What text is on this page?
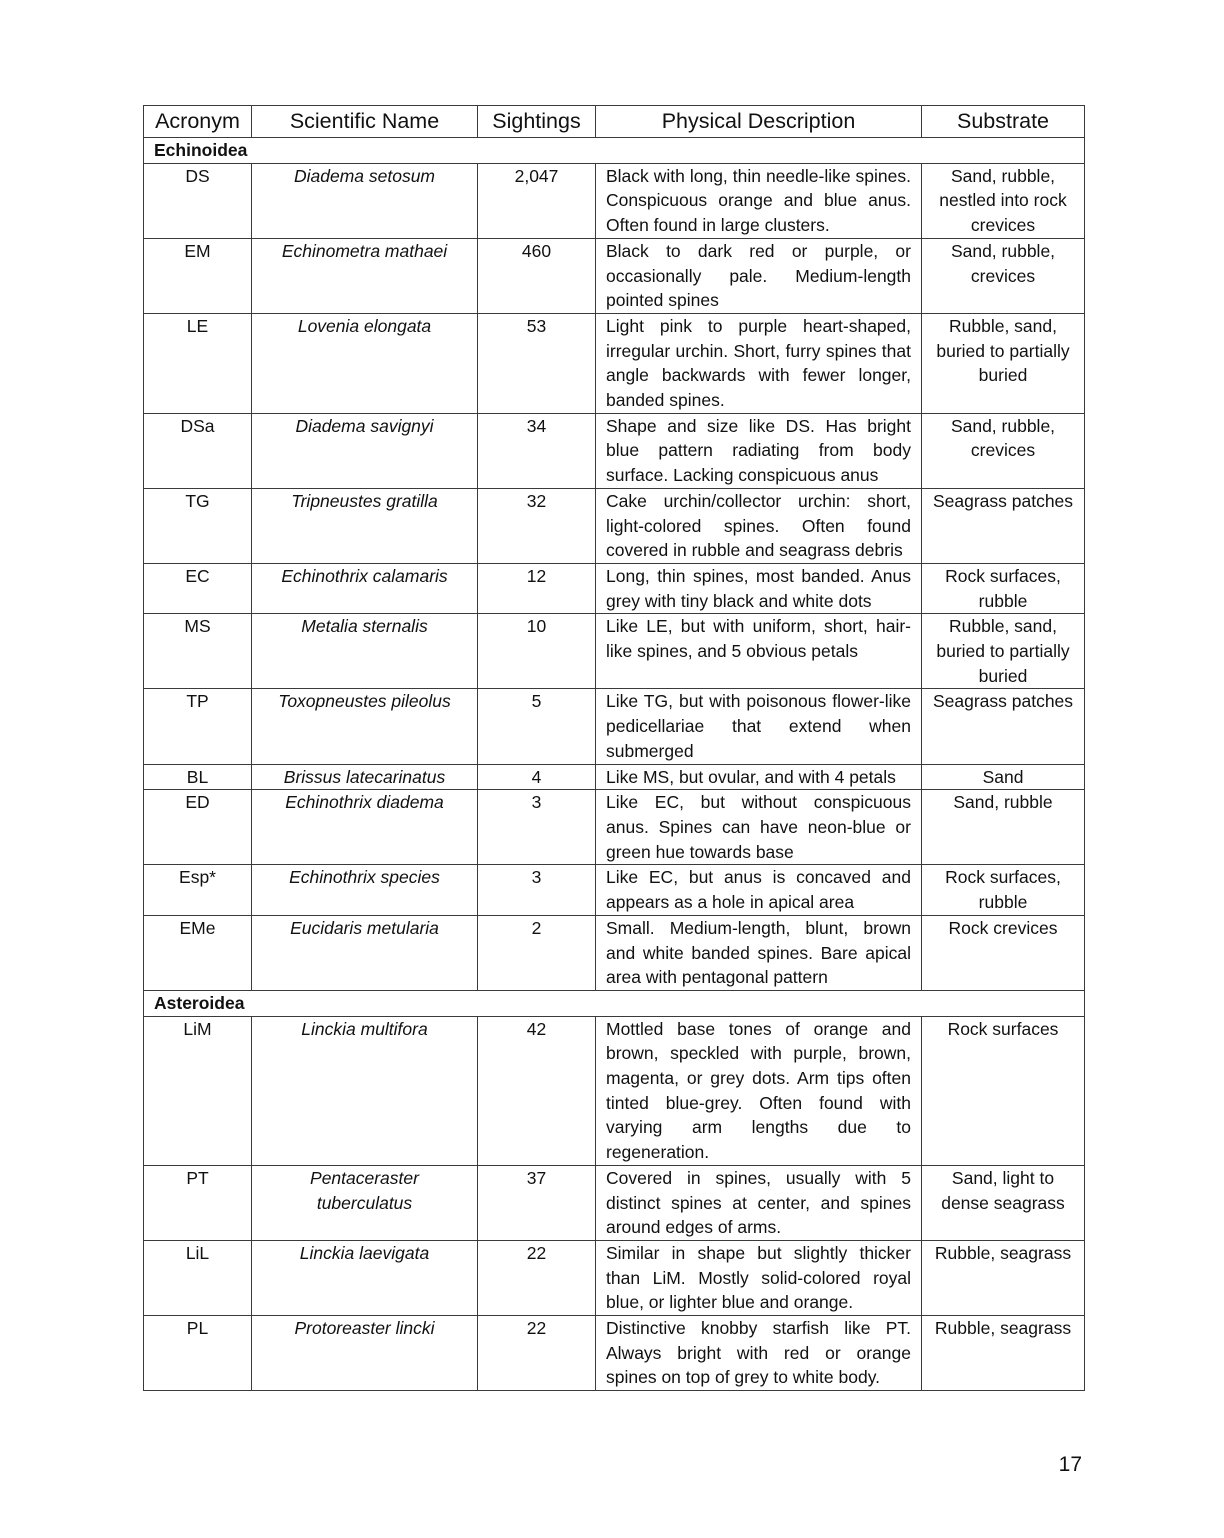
Acronym	Scientific Name	Sightings	Physical Description	Substrate
Echinoidea				
DS	Diadema setosum	2,047	Black with long, thin needle-like spines. Conspicuous orange and blue anus. Often found in large clusters.	Sand, rubble, nestled into rock crevices
EM	Echinometra mathaei	460	Black to dark red or purple, or occasionally pale. Medium-length pointed spines	Sand, rubble, crevices
LE	Lovenia elongata	53	Light pink to purple heart-shaped, irregular urchin. Short, furry spines that angle backwards with fewer longer, banded spines.	Rubble, sand, buried to partially buried
DSa	Diadema savignyi	34	Shape and size like DS. Has bright blue pattern radiating from body surface. Lacking conspicuous anus	Sand, rubble, crevices
TG	Tripneustes gratilla	32	Cake urchin/collector urchin: short, light-colored spines. Often found covered in rubble and seagrass debris	Seagrass patches
EC	Echinothrix calamaris	12	Long, thin spines, most banded. Anus grey with tiny black and white dots	Rock surfaces, rubble
MS	Metalia sternalis	10	Like LE, but with uniform, short, hair-like spines, and 5 obvious petals	Rubble, sand, buried to partially buried
TP	Toxopneustes pileolus	5	Like TG, but with poisonous flower-like pedicellariae that extend when submerged	Seagrass patches
BL	Brissus latecarinatus	4	Like MS, but ovular, and with 4 petals	Sand
ED	Echinothrix diadema	3	Like EC, but without conspicuous anus. Spines can have neon-blue or green hue towards base	Sand, rubble
Esp*	Echinothrix species	3	Like EC, but anus is concaved and appears as a hole in apical area	Rock surfaces, rubble
EMe	Eucidaris metularia	2	Small. Medium-length, blunt, brown and white banded spines. Bare apical area with pentagonal pattern	Rock crevices
Asteroidea				
LiM	Linckia multifora	42	Mottled base tones of orange and brown, speckled with purple, brown, magenta, or grey dots. Arm tips often tinted blue-grey. Often found with varying arm lengths due to regeneration.	Rock surfaces
PT	Pentaceraster tuberculatus	37	Covered in spines, usually with 5 distinct spines at center, and spines around edges of arms.	Sand, light to dense seagrass
LiL	Linckia laevigata	22	Similar in shape but slightly thicker than LiM. Mostly solid-colored royal blue, or lighter blue and orange.	Rubble, seagrass
PL	Protoreaster lincki	22	Distinctive knobby starfish like PT. Always bright with red or orange spines on top of grey to white body.	Rubble, seagrass
17
